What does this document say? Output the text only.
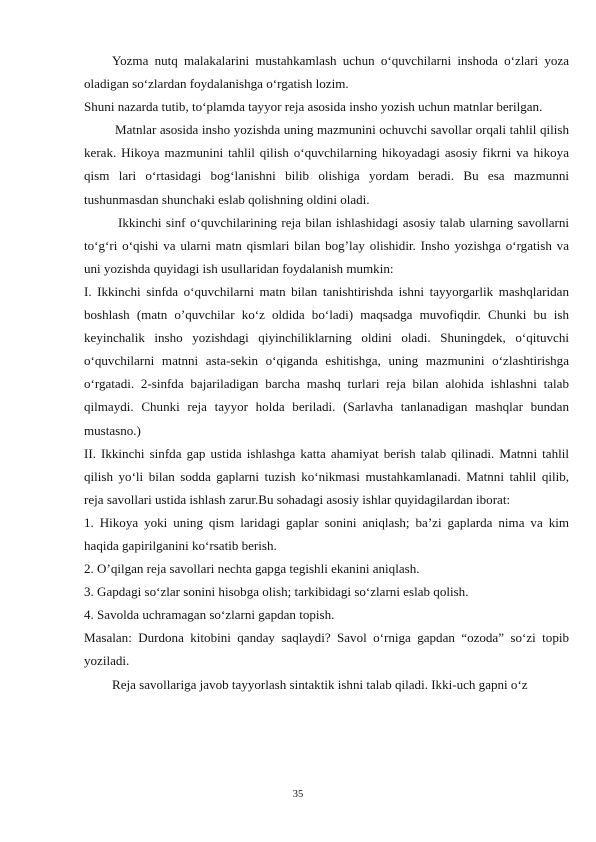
Yozma nutq malakalarini mustahkamlash uchun o‘quvchilarni inshoda o‘zlari yoza oladigan so‘zlardan foydalanishga o‘rgatish lozim.

Shuni nazarda tutib, to‘plamda tayyor reja asosida insho yozish uchun matnlar berilgan.

Matnlar asosida insho yozishda uning mazmunini ochuvchi savollar orqali tahlil qilish kerak. Hikoya mazmunini tahlil qilish o‘quvchilarning hikoyadagi asosiy fikrni va hikoya qism lari o‘rtasidagi bog‘lanishni bilib olishiga yordam beradi. Bu esa mazmunni tushunmasdan shunchaki eslab qolishning oldini oladi.

Ikkinchi sinf o‘quvchilarining reja bilan ishlashidagi asosiy talab ularning savollarni to‘g‘ri o‘qishi va ularni matn qismlari bilan bog’lay olishidir. Insho yozishga o‘rgatish va uni yozishda quyidagi ish usullaridan foydalanish mumkin:

I. Ikkinchi sinfda o‘quvchilarni matn bilan tanishtirishda ishni tayyorgarlik mashqlaridan boshlash (matn o’quvchilar ko‘z oldida bo‘ladi) maqsadga muvofiqdir. Chunki bu ish keyinchalik insho yozishdagi qiyinchiliklarning oldini oladi. Shuningdek, o‘qituvchi o‘quvchilarni matnni asta-sekin o‘qiganda eshitishga, uning mazmunini o‘zlashtirishga o‘rgatadi. 2-sinfda bajariladigan barcha mashq turlari reja bilan alohida ishlashni talab qilmaydi. Chunki reja tayyor holda beriladi. (Sarlavha tanlanadigan mashqlar bundan mustasno.)

II. Ikkinchi sinfda gap ustida ishlashga katta ahamiyat berish talab qilinadi. Matnni tahlil qilish yo‘li bilan sodda gaplarni tuzish ko‘nikmasi mustahkamlanadi. Matnni tahlil qilib, reja savollari ustida ishlash zarur.Bu sohadagi asosiy ishlar quyidagilardan iborat:

1. Hikoya yoki uning qism laridagi gaplar sonini aniqlash; ba’zi gaplarda nima va kim haqida gapirilganini ko‘rsatib berish.

2. O’qilgan reja savollari nechta gapga tegishli ekanini aniqlash.

3. Gapdagi so‘zlar sonini hisobga olish; tarkibidagi so‘zlarni eslab qolish.

4. Savolda uchramagan so‘zlarni gapdan topish.

Masalan: Durdona kitobini qanday saqlaydi? Savol o‘rniga gapdan “ozoda” so‘zi topib yoziladi.

Reja savollariga javob tayyorlash sintaktik ishni talab qiladi. Ikki-uch gapni o‘z

35
